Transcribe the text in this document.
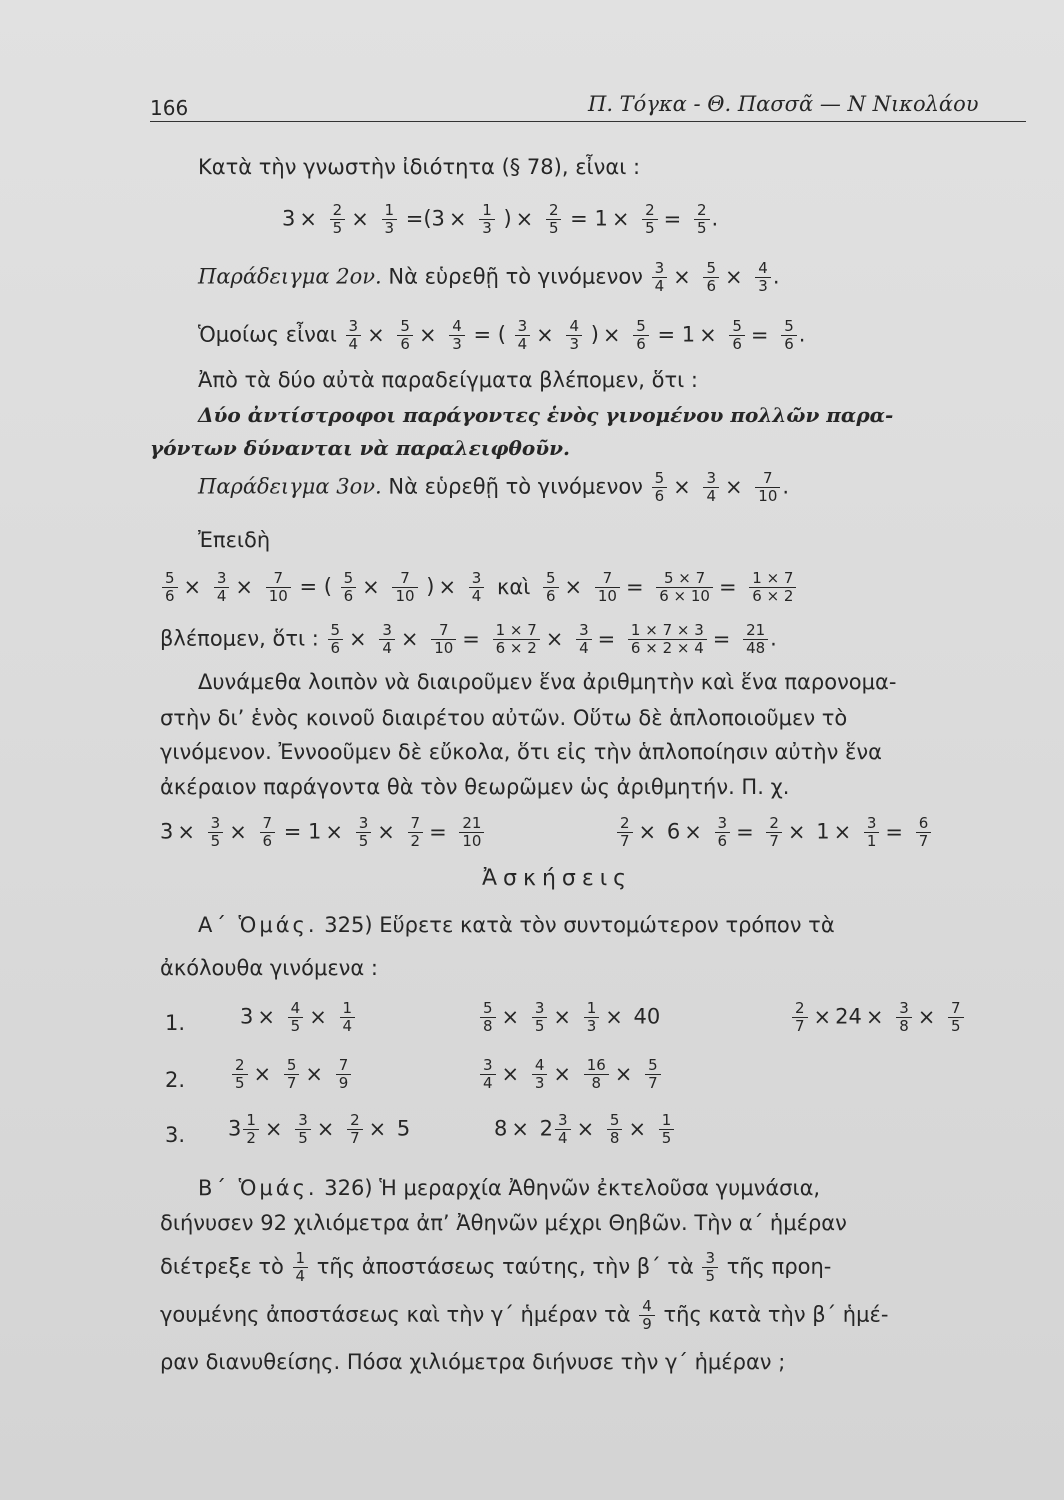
166	Π. Τόγκα - Θ. Πασσᾶ — Ν Νικολάου
Κατὰ τὴν γνωστὴν ἰδιότητα (§ 78), εἶναι :
$3 \times \frac{2}{5} \times \frac{1}{3} =(3 \times \frac{1}{3}$ ) × $\frac{2}{5} = 1 \times \frac{2}{5} = \frac{2}{5}$ .
Παράδειγμα 2ον. Νὰ εὑρεθῇ τὸ γινόμενον $\frac{3}{4} \times \frac{5}{6} \times \frac{4}{3}$ .
Ὁμοίως εἶναι $\frac{3}{4} \times \frac{5}{6} \times \frac{4}{3}$ = ( $\frac{3}{4} \times \frac{4}{3}$ ) × $\frac{5}{6} = 1 \times \frac{5}{6} = \frac{5}{6}$ .
Ἀπὸ τὰ δύο αὐτὰ παραδείγματα βλέπομεν, ὅτι :
Δύο ἀντίστροφοι παράγοντες ἑνὸς γινομένου πολλῶν παρα-
γόντων δύνανται νὰ παραλειφθοῦν.
Παράδειγμα 3ον. Νὰ εὑρεθῇ τὸ γινόμενον $\frac{5}{6} \times \frac{3}{4} \times \frac{7}{10}$ .
Ἐπειδὴ
$\frac{5}{6} \times \frac{3}{4} \times \frac{7}{10}$ = ( $\frac{5}{6} \times \frac{7}{10}$ ) × $\frac{3}{4}$ καὶ $\frac{5}{6} \times \frac{7}{10} = \frac{5 \times 7}{6 \times 10} = \frac{1 \times 7}{6 \times 2}$
βλέπομεν, ὅτι : $\frac{5}{6} \times \frac{3}{4} \times \frac{7}{10} = \frac{1 \times 7}{6 \times 2} \times \frac{3}{4} = \frac{1 \times 7 \times 3}{6 \times 2 \times 4} = \frac{21}{48}$ .
Δυνάμεθα λοιπὸν νὰ διαιροῦμεν ἕνα ἀριθμητὴν καὶ ἕνα παρονομα-
στὴν δι’ ἑνὸς κοινοῦ διαιρέτου αὐτῶν. Οὕτω δὲ ἁπλοποιοῦμεν τὸ
γινόμενον. Ἐννοοῦμεν δὲ εὔκολα, ὅτι εἰς τὴν ἁπλοποίησιν αὐτὴν ἕνα
ἀκέραιον παράγοντα θὰ τὸν θεωρῶμεν ὡς ἀριθμητήν. Π. χ.
$3 \times \frac{3}{5} \times \frac{7}{6} = 1 \times \frac{3}{5} \times \frac{7}{2} = \frac{21}{10}$	$\frac{2}{7} \times 6 \times \frac{3}{6} = \frac{2}{7} \times 1 \times \frac{3}{1} = \frac{6}{7}$
Ἀσκήσεις
Α΄ Ὁμάς. 325) Εὕρετε κατὰ τὸν συντομώτερον τρόπον τὰ
ἀκόλουθα γινόμενα :
1.	$3 \times \frac{4}{5} \times \frac{1}{4}$	$\frac{5}{8} \times \frac{3}{5} \times \frac{1}{3} \times 40$	$\frac{2}{7} \times 24 \times \frac{3}{8} \times \frac{7}{5}$
2.	$\frac{2}{5} \times \frac{5}{7} \times \frac{7}{9}$	$\frac{3}{4} \times \frac{4}{3} \times \frac{16}{8} \times \frac{5}{7}$
3. $3 \frac{1}{2} \times \frac{3}{5} \times \frac{2}{7} \times 5$	$8 \times 2 \frac{3}{4} \times \frac{5}{8} \times \frac{1}{5}$
Β΄ Ὁμάς. 326) Ἡ μεραρχία Ἀθηνῶν ἐκτελοῦσα γυμνάσια,
διήνυσεν 92 χιλιόμετρα ἀπ’ Ἀθηνῶν μέχρι Θηβῶν. Τὴν α΄ ἡμέραν
διέτρεξε τὸ $\frac{1}{4}$ τῆς ἀποστάσεως ταύτης, τὴν β΄ τὰ $\frac{3}{5}$ τῆς προη-
γουμένης ἀποστάσεως καὶ τὴν γ΄ ἡμέραν τὰ $\frac{4}{9}$ τῆς κατὰ τὴν β΄ ἡμέ-
ραν διανυθείσης. Πόσα χιλιόμετρα διήνυσε τὴν γ΄ ἡμέραν ;
